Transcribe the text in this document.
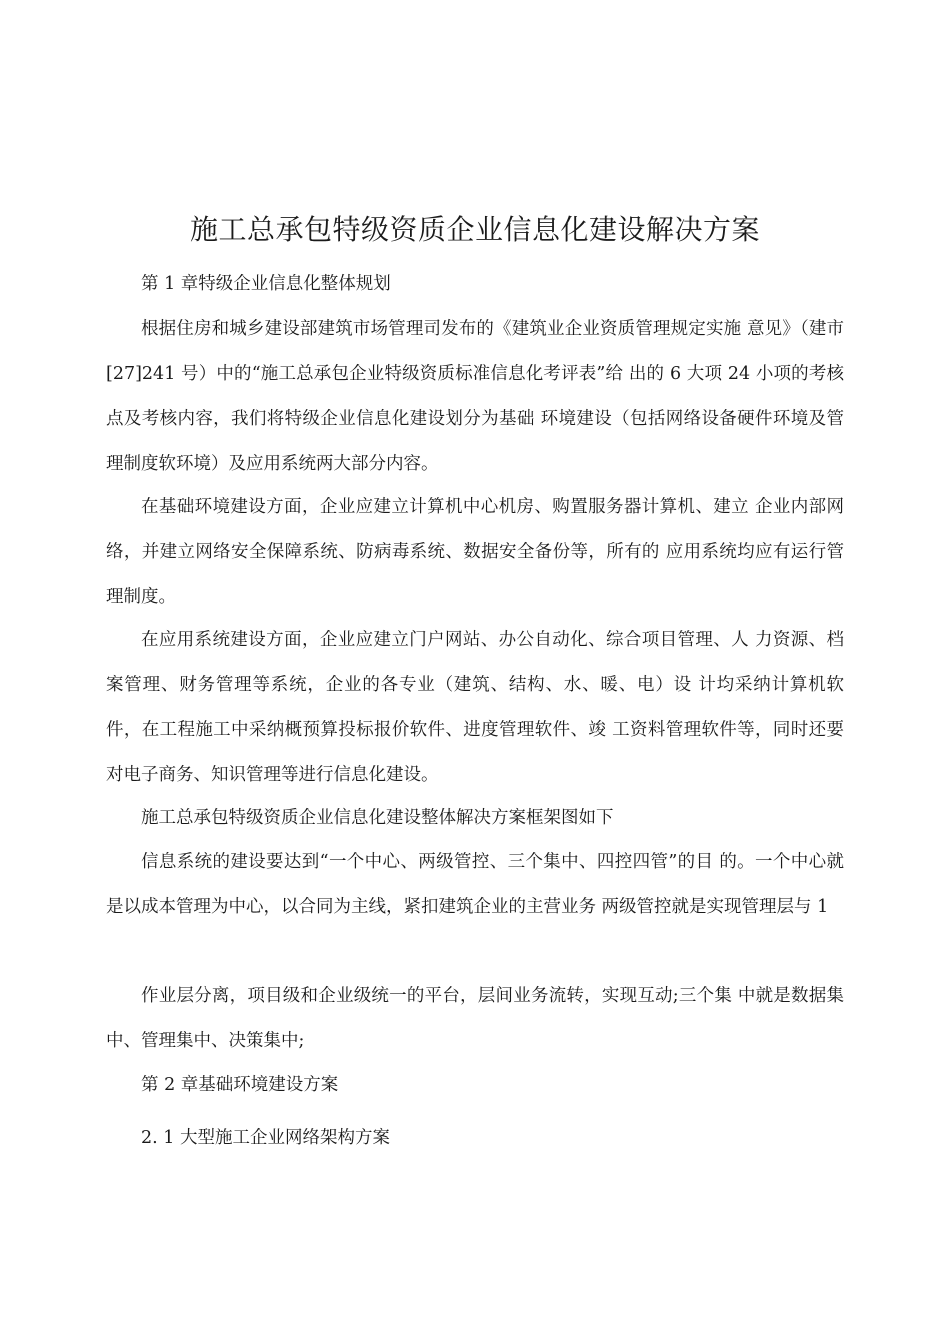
施工总承包特级资质企业信息化建设解决方案

第 1 章特级企业信息化整体规划

根据住房和城乡建设部建筑市场管理司发布的《建筑业企业资质管理规定实施 意见》（建市[27]241 号）中的“施工总承包企业特级资质标准信息化考评表”给 出的 6 大项 24 小项的考核点及考核内容，我们将特级企业信息化建设划分为基础 环境建设（包括网络设备硬件环境及管理制度软环境）及应用系统两大部分内容。

在基础环境建设方面，企业应建立计算机中心机房、购置服务器计算机、建立 企业内部网络，并建立网络安全保障系统、防病毒系统、数据安全备份等，所有的 应用系统均应有运行管理制度。

在应用系统建设方面，企业应建立门户网站、办公自动化、综合项目管理、人 力资源、档案管理、财务管理等系统，企业的各专业（建筑、结构、水、暖、电）设 计均采纳计算机软件，在工程施工中采纳概预算投标报价软件、进度管理软件、竣 工资料管理软件等，同时还要对电子商务、知识管理等进行信息化建设。

施工总承包特级资质企业信息化建设整体解决方案框架图如下

信息系统的建设要达到“一个中心、两级管控、三个集中、四控四管”的目 的。一个中心就是以成本管理为中心，以合同为主线，紧扣建筑企业的主营业务 两级管控就是实现管理层与 1

作业层分离，项目级和企业级统一的平台，层间业务流转，实现互动;三个集 中就是数据集中、管理集中、决策集中;

第 2 章基础环境建设方案

2. 1 大型施工企业网络架构方案
